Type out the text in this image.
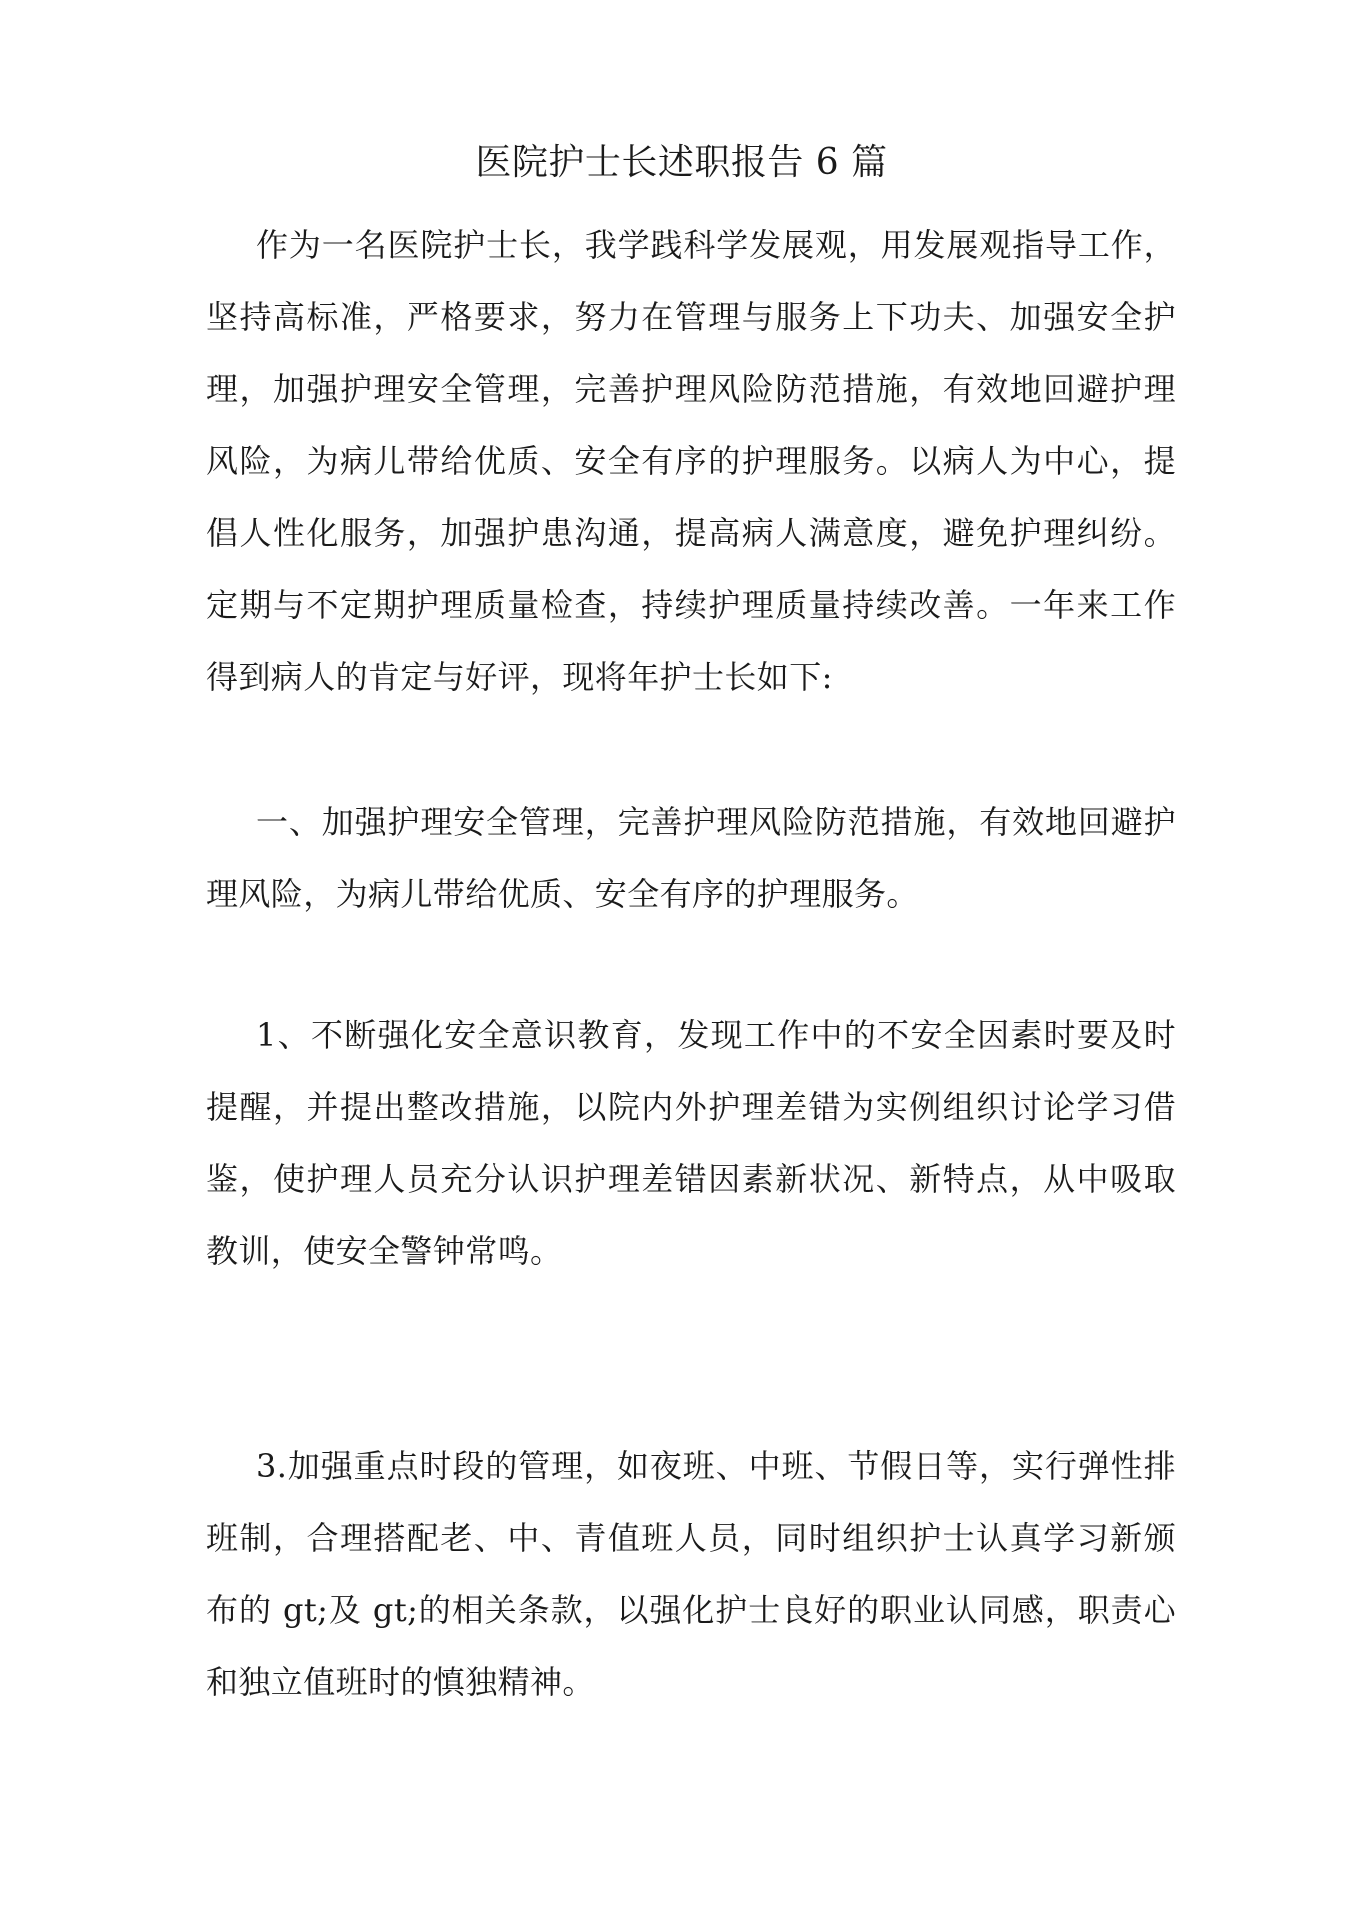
医院护士长述职报告 6 篇

作为一名医院护士长，我学践科学发展观，用发展观指导工作，坚持高标准，严格要求，努力在管理与服务上下功夫、加强安全护理，加强护理安全管理，完善护理风险防范措施，有效地回避护理风险，为病儿带给优质、安全有序的护理服务。以病人为中心，提倡人性化服务，加强护患沟通，提高病人满意度，避免护理纠纷。定期与不定期护理质量检查，持续护理质量持续改善。一年来工作得到病人的肯定与好评，现将年护士长如下:

一、加强护理安全管理，完善护理风险防范措施，有效地回避护理风险，为病儿带给优质、安全有序的护理服务。

1、不断强化安全意识教育，发现工作中的不安全因素时要及时提醒，并提出整改措施，以院内外护理差错为实例组织讨论学习借鉴，使护理人员充分认识护理差错因素新状况、新特点，从中吸取教训，使安全警钟常鸣。

3.加强重点时段的管理，如夜班、中班、节假日等，实行弹性排班制，合理搭配老、中、青值班人员，同时组织护士认真学习新颁布的 gt;及 gt;的相关条款，以强化护士良好的职业认同感，职责心和独立值班时的慎独精神。
